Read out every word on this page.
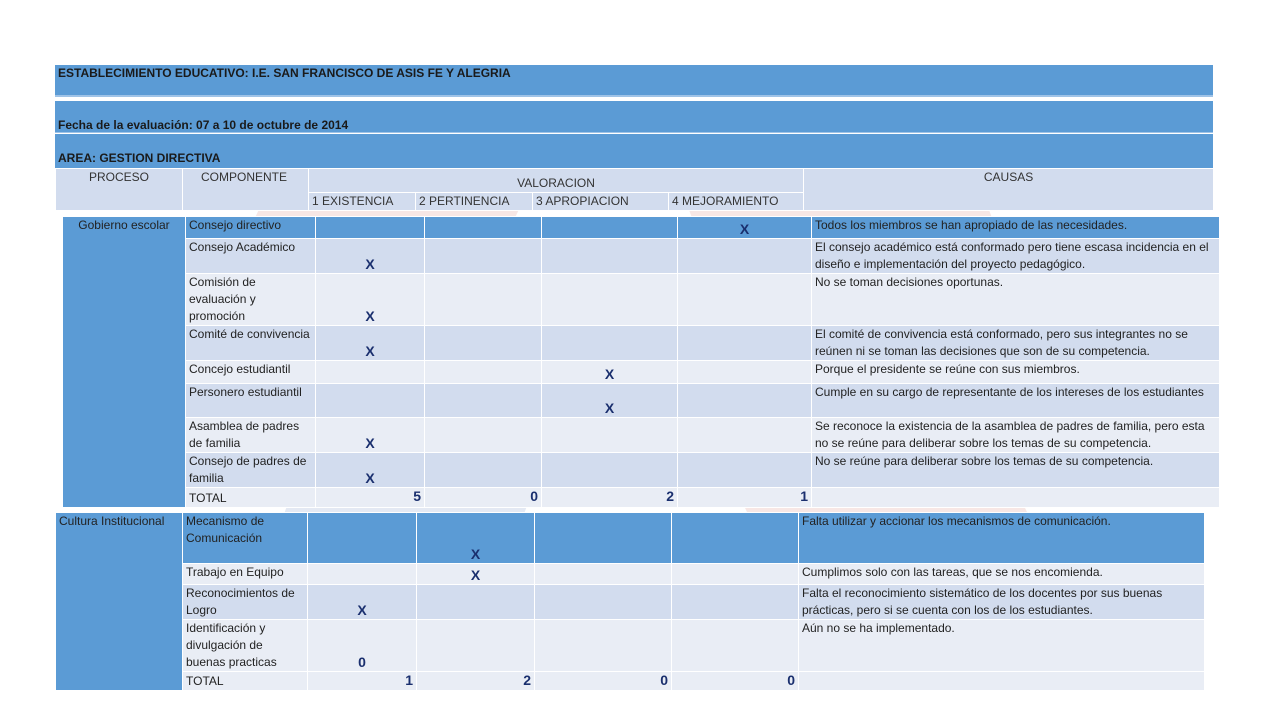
ESTABLECIMIENTO EDUCATIVO: I.E. SAN FRANCISCO DE ASIS FE Y ALEGRIA
Fecha de la evaluación: 07 a 10 de octubre de 2014
AREA: GESTION DIRECTIVA
PROCESO	COMPONENTE	VALORACION				CAUSAS
		1 EXISTENCIA	2 PERTINENCIA	3 APROPIACION	4 MEJORAMIENTO	
Gobierno escolar	Consejo directivo				X	Todos los miembros se han apropiado de las necesidades.
	Consejo Académico	X				El consejo académico está conformado pero tiene escasa incidencia en el diseño e implementación del proyecto pedagógico.
	Comisión de evaluación y promoción	X				No se toman decisiones oportunas.
	Comité de convivencia	X				El comité de convivencia está conformado, pero sus integrantes no se reúnen ni se toman las decisiones que son de su competencia.
	Concejo estudiantil			X		Porque el presidente se reúne con sus miembros.
	Personero estudiantil			X		Cumple en su cargo de representante de los intereses de los estudiantes
	Asamblea de padres de familia	X				Se reconoce la existencia de la asamblea de padres de familia, pero esta no se reúne para deliberar sobre los temas de su competencia.
	Consejo de padres de familia	X				No se reúne para deliberar sobre los temas de su competencia.
	TOTAL	5	0	2	1	
Cultura Institucional	Mecanismo de Comunicación		X			Falta utilizar y accionar los mecanismos de comunicación.
	Trabajo en Equipo		X			Cumplimos solo con las tareas, que se nos encomienda.
	Reconocimientos de Logro	X				Falta el reconocimiento sistemático de los docentes por sus buenas prácticas, pero si se cuenta con los de los estudiantes.
	Identificación y divulgación de buenas practicas	0				Aún no se ha implementado.
	TOTAL	1	2	0	0	
